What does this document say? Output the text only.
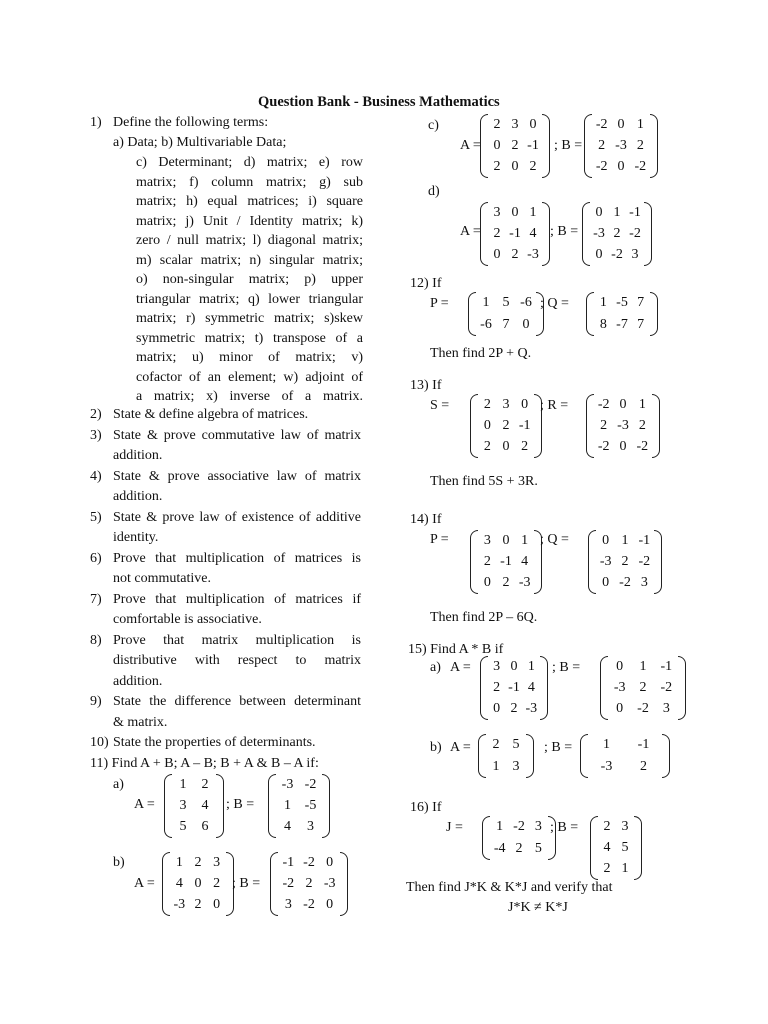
Question Bank - Business Mathematics
1) Define the following terms:
a) Data; b) Multivariable Data;
c) Determinant; d) matrix; e) row
matrix; f) column matrix; g) sub
matrix; h) equal matrices; i) square
matrix; j) Unit / Identity matrix; k)
zero / null matrix; l) diagonal matrix;
m) scalar matrix; n) singular matrix;
o) non-singular matrix; p) upper
triangular matrix; q) lower triangular
matrix; r) symmetric matrix; s)skew
symmetric matrix; t) transpose of a
matrix; u) minor of matrix; v)
cofactor of an element; w) adjoint of
a matrix; x) inverse of a matrix.
2) State & define algebra of matrices.
3) State & prove commutative law of matrix
addition.
4) State & prove associative law of matrix
addition.
5) State & prove law of existence of additive
identity.
6) Prove that multiplication of matrices is
not commutative.
7) Prove that multiplication of matrices if
comfortable is associative.
8) Prove that matrix multiplication is
distributive with respect to matrix
addition.
9) State the difference between determinant
& matrix.
10) State the properties of determinants.
11) Find A + B; A – B; B + A & B – A if:
a)
A =
1	2
3	4
5	6
; B =
-3 -2
1 -5
4	3
b)
A =
1 2 3
4 0 2
-3 2 0
; B =
-1 -2 0
-2 2 -3
3 -2 0
c)
A =
2 3 0
0 2 -1
2 0 2
; B =
-2 0 1
2 -3 2
-2 0 -2
d)
A =
3 0 1
2 -1 4
0 2 -3
; B =
0 1 -1
-3 2 -2
0 -2 3
12) If
P =	1 5 -6
-6 7 0
; Q =	1 -5 7
8 -7 7
Then find 2P + Q.
13) If
S =	2 3 0
0 2 -1
2 0 2
; R = -2 0 1
2 -3 2
-2 0 -2
Then find 5S + 3R.
14) If
P =	3 0 1
2 -1 4
0 2 -3
; Q =	0 1 -1
-3 2 -2
0 -2 3
Then find 2P – 6Q.
15) Find A * B if
a) A =	3 0 1
2 -1 4
0 2 -3
; B =	0	1	-1
-3 2	-2
0	-2 3
b) A =	2 5
1 3
; B =	1	-1
-3	2
16) If
J =	1 -2 3
-4 2 5
; B =	2 3
4 5
2 1
Then find J*K & K*J and verify that
J*K ≠ K*J
